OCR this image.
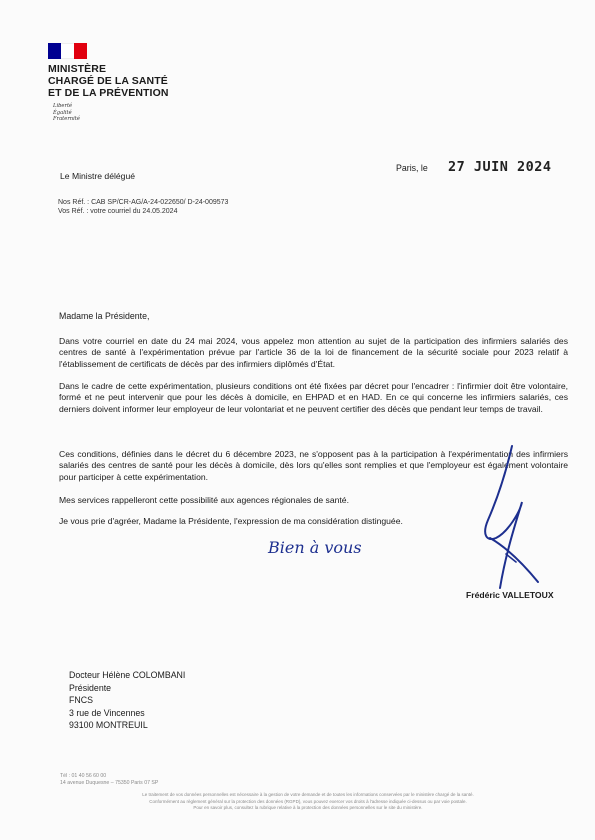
MINISTÈRE
CHARGÉ DE LA SANTÉ
ET DE LA PRÉVENTION
Liberté
Égalité
Fraternité
Le Ministre délégué
Paris, le 27 JUIN 2024
Nos Réf. : CAB SP/CR-AG/A-24-022650/ D-24-009573
Vos Réf. : votre courriel du 24.05.2024
Madame la Présidente,
Dans votre courriel en date du 24 mai 2024, vous appelez mon attention au sujet de la participation des infirmiers salariés des centres de santé à l'expérimentation prévue par l'article 36 de la loi de financement de la sécurité sociale pour 2023 relatif à l'établissement de certificats de décès par des infirmiers diplômés d'État.
Dans le cadre de cette expérimentation, plusieurs conditions ont été fixées par décret pour l'encadrer : l'infirmier doit être volontaire, formé et ne peut intervenir que pour les décès à domicile, en EHPAD et en HAD. En ce qui concerne les infirmiers salariés, ces derniers doivent informer leur employeur de leur volontariat et ne peuvent certifier des décès que pendant leur temps de travail.
Ces conditions, définies dans le décret du 6 décembre 2023, ne s'opposent pas à la participation à l'expérimentation des infirmiers salariés des centres de santé pour les décès à domicile, dès lors qu'elles sont remplies et que l'employeur est également volontaire pour participer à cette expérimentation.
Mes services rappelleront cette possibilité aux agences régionales de santé.
Je vous prie d'agréer, Madame la Présidente, l'expression de ma considération distinguée.
Bien à vous
Frédéric VALLETOUX
Docteur Hélène COLOMBANI
Présidente
FNCS
3 rue de Vincennes
93100 MONTREUIL
Tél : 01 40 56 60 00
14 avenue Duquesne – 75350 Paris 07 SP
Le traitement de vos données personnelles est nécessaire à la gestion de votre demande et de toutes les informations conservées par le ministère chargé de la santé.
Conformément au règlement général sur la protection des données (RGPD), vous pouvez exercer vos droits à l'adresse indiquée ci-dessus ou par voie postale.
Pour en savoir plus, consultez la rubrique relative à la protection des données personnelles sur le site du ministère.
